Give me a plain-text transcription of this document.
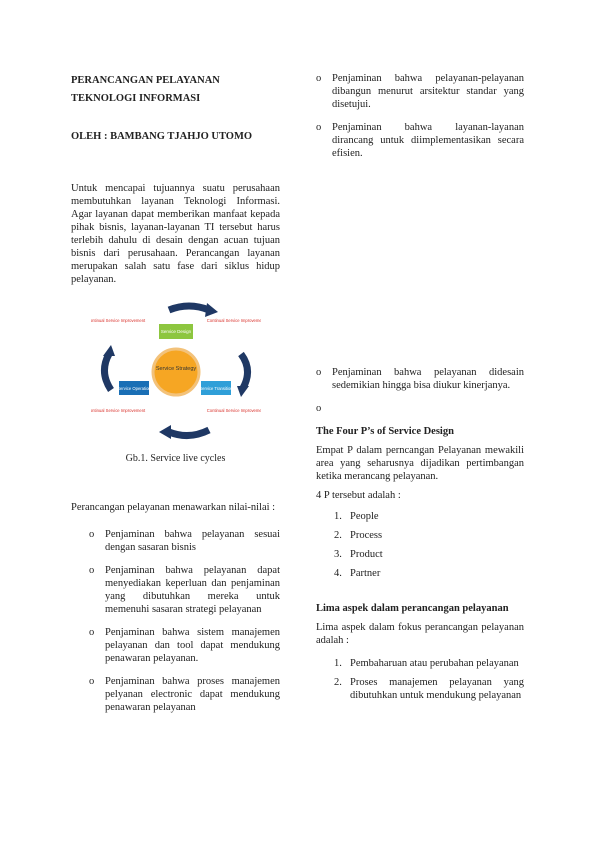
PERANCANGAN PELAYANAN

TEKNOLOGI INFORMASI

OLEH : BAMBANG TJAHJO UTOMO

Untuk mencapai tujuannya suatu perusahaan membutuhkan layanan Teknologi Informasi. Agar layanan dapat memberikan manfaat kepada pihak bisnis, layanan-layanan TI tersebut harus terlebih dahulu di desain dengan acuan tujuan bisnis dari perusahaan. Perancangan layanan merupakan salah satu fase dari siklus hidup pelayanan.
Service Strategy
Service Design
Service Transition
Service Operation
Continual Service Improvement	Continual Service Improvement
Continual Service Improvement	Continual Service Improvement
Gb.1. Service live cycles
Perancangan pelayanan menawarkan nilai-nilai :
o Penjaminan bahwa pelayanan sesuai dengan sasaran bisnis
o Penjaminan bahwa pelayanan dapat menyediakan keperluan dan penjaminan yang dibutuhkan mereka untuk memenuhi sasaran strategi pelayanan
o Penjaminan bahwa sistem manajemen pelayanan dan tool dapat mendukung penawaran pelayanan.
o Penjaminan bahwa proses manajemen pelyanan electronic dapat mendukung penawaran pelayanan
o Penjaminan bahwa pelayanan-pelayanan dibangun menurut arsitektur standar yang disetujui.
o Penjaminan bahwa layanan-layanan dirancang untuk diimplementasikan secara efisien.
o Penjaminan bahwa pelayanan didesain sedemikian hingga bisa diukur kinerjanya.
o
The Four P’s of Service Design
Empat P dalam perncangan Pelayanan mewakili area yang seharusnya dijadikan pertimbangan ketika merancang pelayanan.
4 P tersebut adalah :
1. People
2. Process
3. Product
4. Partner
Lima aspek dalam perancangan pelayanan
Lima aspek dalam fokus perancangan pelayanan adalah :
1. Pembaharuan atau perubahan pelayanan
2. Proses manajemen pelayanan yang dibutuhkan untuk mendukung pelayanan
